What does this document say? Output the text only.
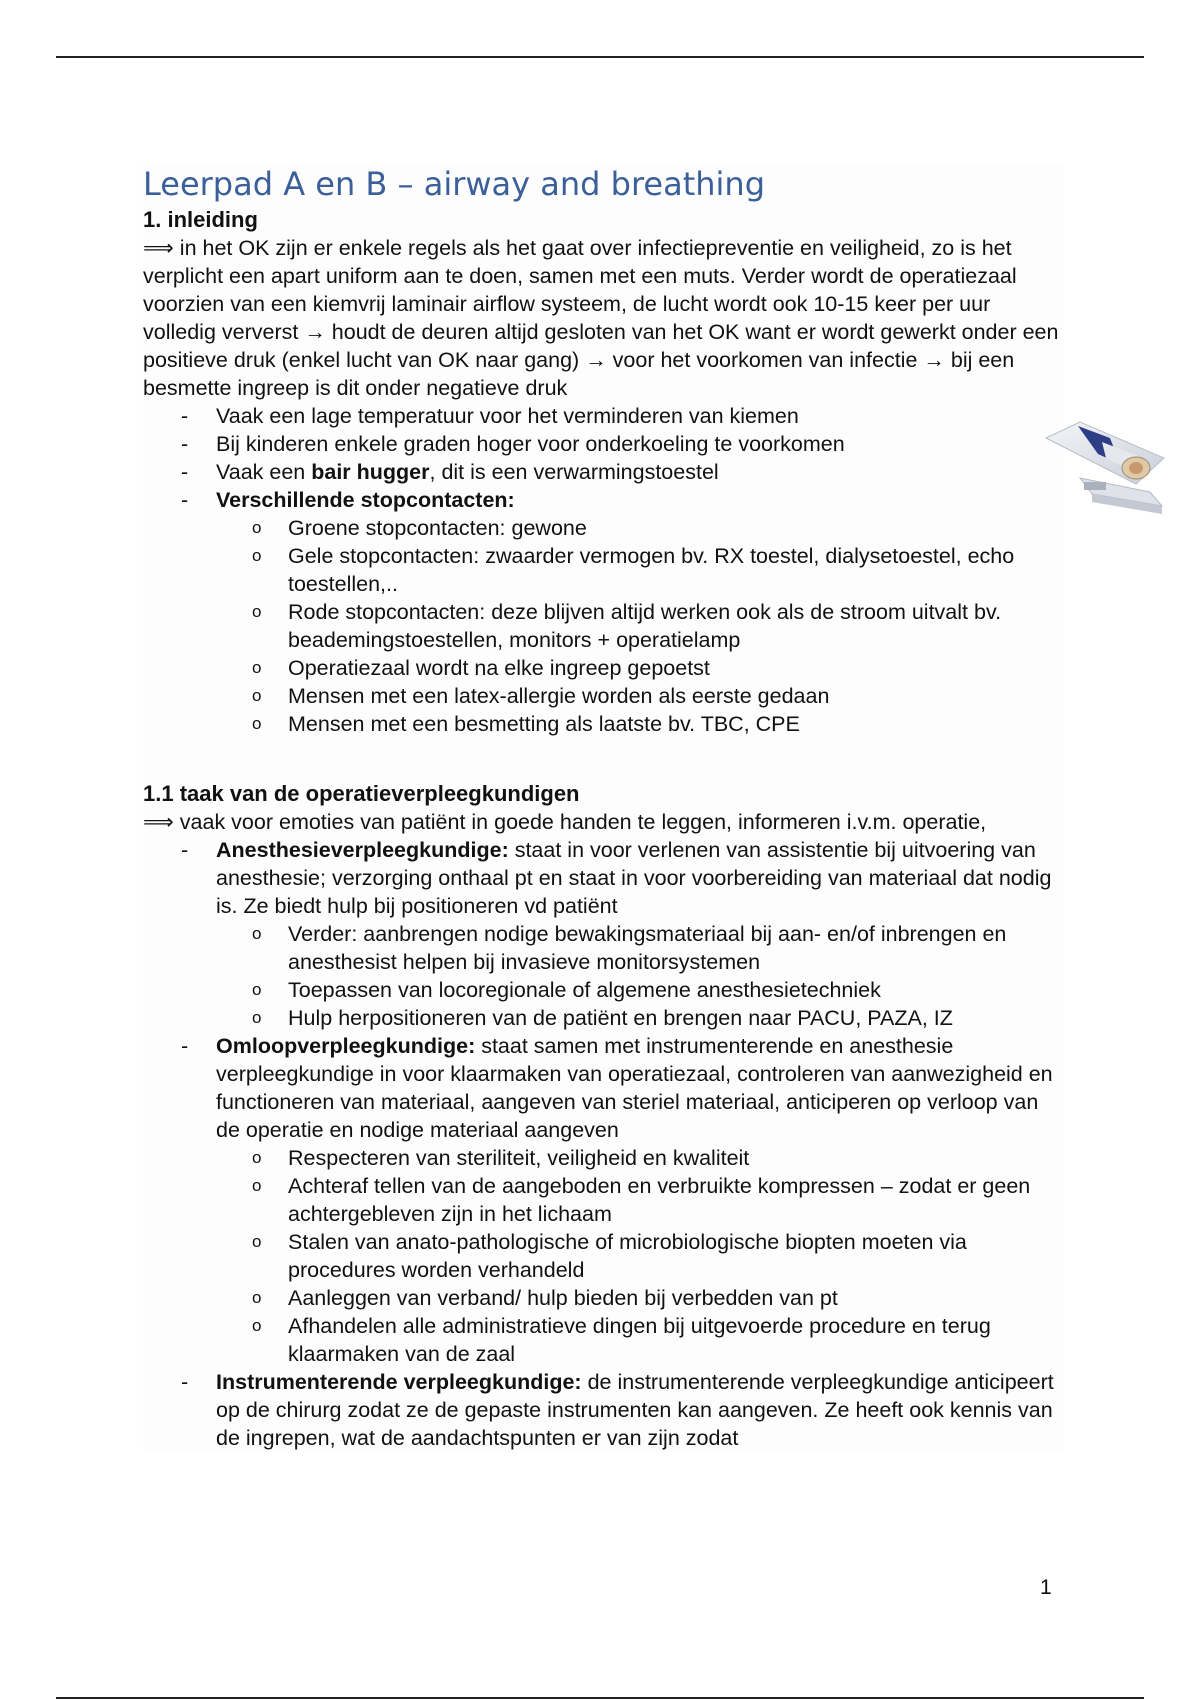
Leerpad A en B – airway and breathing
1. inleiding

⟹ in het OK zijn er enkele regels als het gaat over infectiepreventie en veiligheid, zo is het verplicht een apart uniform aan te doen, samen met een muts. Verder wordt de operatiezaal voorzien van een kiemvrij laminair airflow systeem, de lucht wordt ook 10-15 keer per uur volledig ververst → houdt de deuren altijd gesloten van het OK want er wordt gewerkt onder een positieve druk (enkel lucht van OK naar gang) → voor het voorkomen van infectie → bij een besmette ingreep is dit onder negatieve druk

- Vaak een lage temperatuur voor het verminderen van kiemen
- Bij kinderen enkele graden hoger voor onderkoeling te voorkomen
- Vaak een bair hugger, dit is een verwarmingstoestel
- Verschillende stopcontacten:
o Groene stopcontacten: gewone
o Gele stopcontacten: zwaarder vermogen bv. RX toestel, dialysetoestel, echo toestellen,..
o Rode stopcontacten: deze blijven altijd werken ook als de stroom uitvalt bv. beademingstoestellen, monitors + operatielamp
o Operatiezaal wordt na elke ingreep gepoetst
o Mensen met een latex-allergie worden als eerste gedaan
o Mensen met een besmetting als laatste bv. TBC, CPE
1.1 taak van de operatieverpleegkundigen

⟹ vaak voor emoties van patiënt in goede handen te leggen, informeren i.v.m. operatie,

- Anesthesieverpleegkundige: staat in voor verlenen van assistentie bij uitvoering van anesthesie; verzorging onthaal pt en staat in voor voorbereiding van materiaal dat nodig is. Ze biedt hulp bij positioneren vd patiënt
o Verder: aanbrengen nodige bewakingsmateriaal bij aan- en/of inbrengen en anesthesist helpen bij invasieve monitorsystemen
o Toepassen van locoregionale of algemene anesthesietechniek
o Hulp herpositioneren van de patiënt en brengen naar PACU, PAZA, IZ
- Omloopverpleegkundige: staat samen met instrumenterende en anesthesie verpleegkundige in voor klaarmaken van operatiezaal, controleren van aanwezigheid en functioneren van materiaal, aangeven van steriel materiaal, anticiperen op verloop van de operatie en nodige materiaal aangeven
o Respecteren van steriliteit, veiligheid en kwaliteit
o Achteraf tellen van de aangeboden en verbruikte kompressen – zodat er geen achtergebleven zijn in het lichaam
o Stalen van anato-pathologische of microbiologische biopten moeten via procedures worden verhandeld
o Aanleggen van verband/ hulp bieden bij verbedden van pt
o Afhandelen alle administratieve dingen bij uitgevoerde procedure en terug klaarmaken van de zaal
- Instrumenterende verpleegkundige: de instrumenterende verpleegkundige anticipeert op de chirurg zodat ze de gepaste instrumenten kan aangeven. Ze heeft ook kennis van de ingrepen, wat de aandachtspunten er van zijn zodat
1
